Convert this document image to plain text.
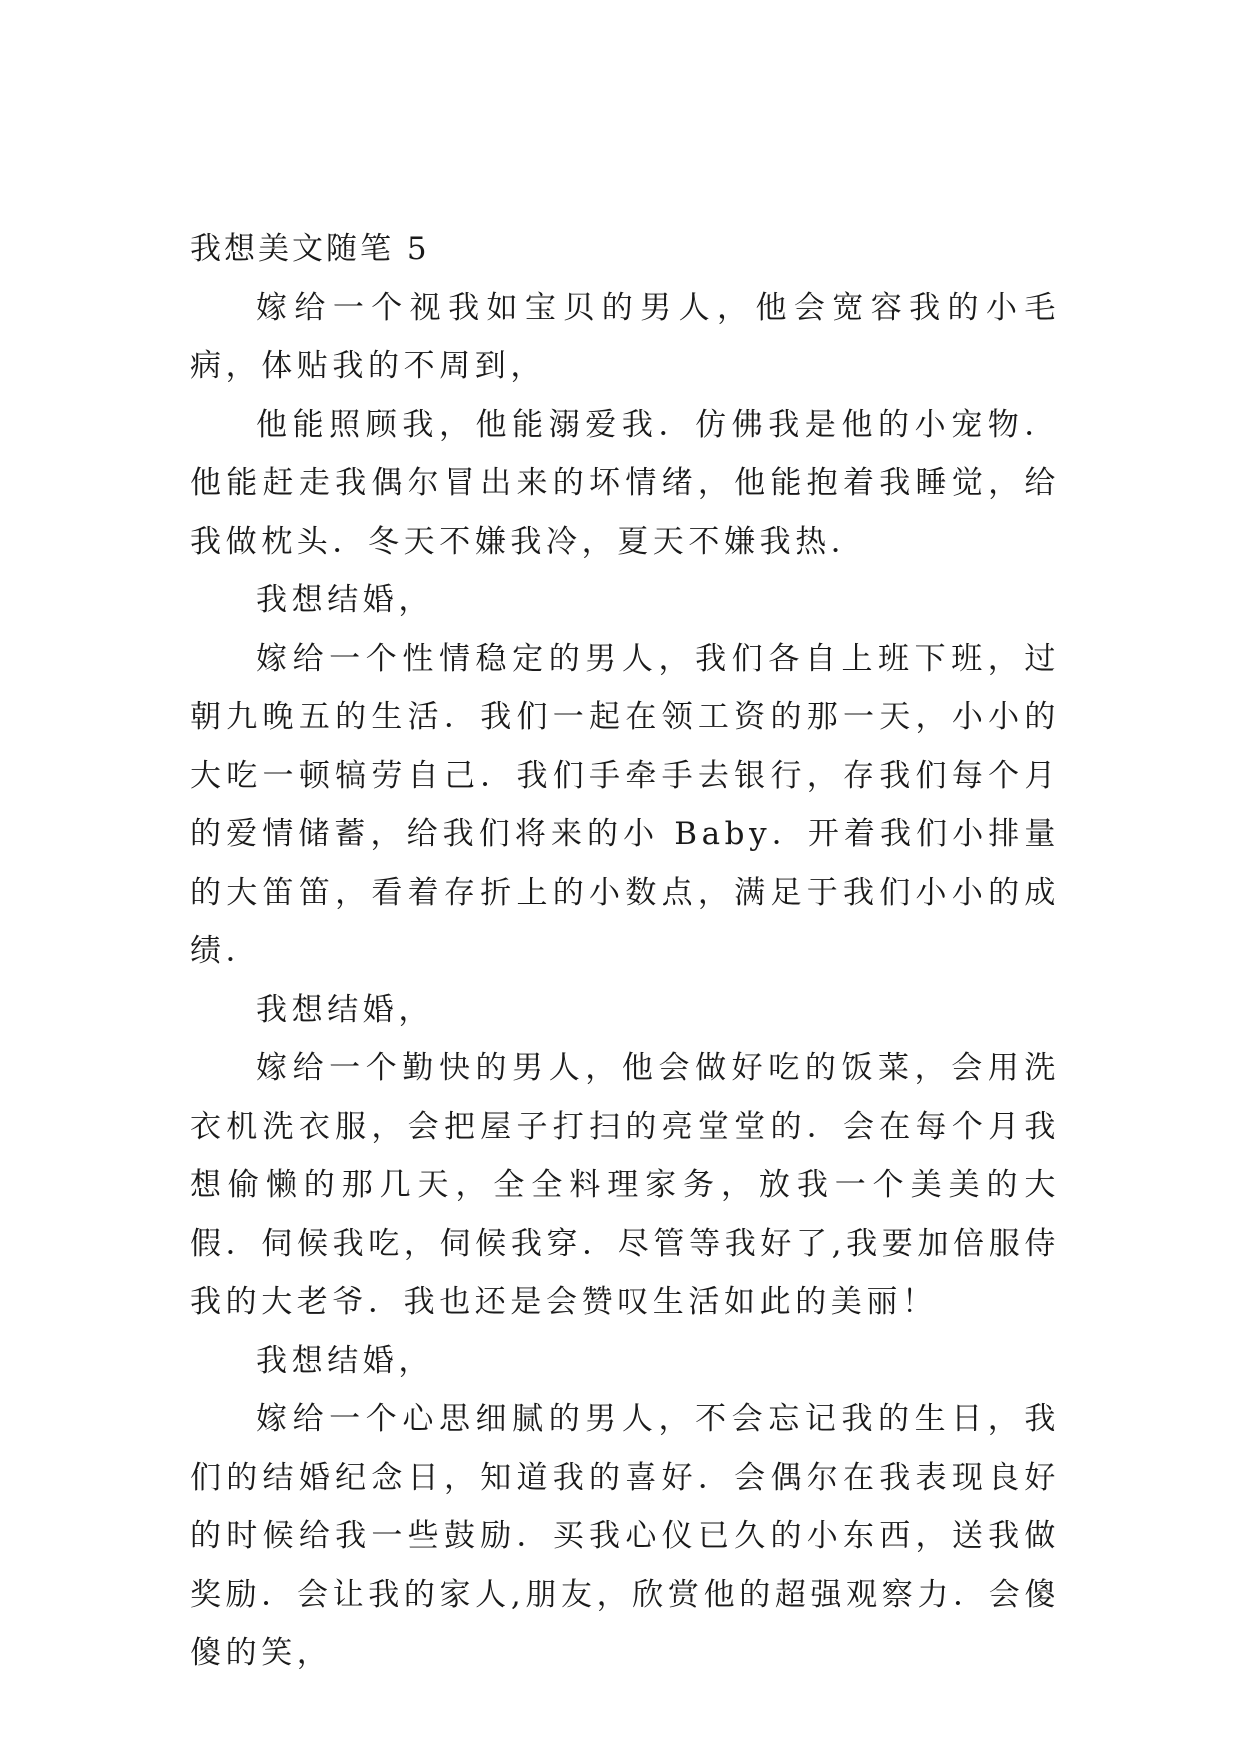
我想美文随笔 5

嫁给一个视我如宝贝的男人，他会宽容我的小毛病，体贴我的不周到，

他能照顾我，他能溺爱我．仿佛我是他的小宠物．他能赶走我偶尔冒出来的坏情绪，他能抱着我睡觉，给我做枕头．冬天不嫌我冷，夏天不嫌我热．

我想结婚，

嫁给一个性情稳定的男人，我们各自上班下班，过朝九晚五的生活．我们一起在领工资的那一天，小小的大吃一顿犒劳自己．我们手牵手去银行，存我们每个月的爱情储蓄，给我们将来的小 Baby．开着我们小排量的大笛笛，看着存折上的小数点，满足于我们小小的成绩．

我想结婚，

嫁给一个勤快的男人，他会做好吃的饭菜，会用洗衣机洗衣服，会把屋子打扫的亮堂堂的．会在每个月我想偷懒的那几天，全全料理家务，放我一个美美的大假．伺候我吃，伺候我穿．尽管等我好了,我要加倍服侍我的大老爷．我也还是会赞叹生活如此的美丽！

我想结婚，

嫁给一个心思细腻的男人，不会忘记我的生日，我们的结婚纪念日，知道我的喜好．会偶尔在我表现良好的时候给我一些鼓励．买我心仪已久的小东西，送我做奖励．会让我的家人,朋友，欣赏他的超强观察力．会傻傻的笑，
